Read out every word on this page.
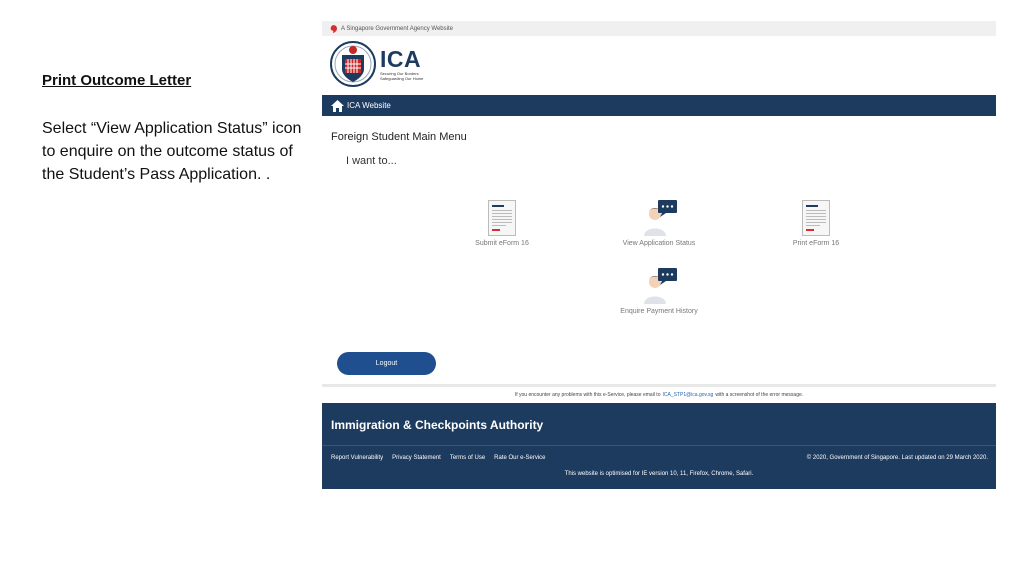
Print Outcome Letter
Select “View Application Status” icon to enquire on the outcome status of the Student’s Pass Application. .
A Singapore Government Agency Website
ICA
Securing Our Borders Safeguarding Our Home
ICA Website
Foreign Student Main Menu
I want to...
Submit eForm 16	View Application Status	Print eForm 16
Enquire Payment History
Logout
If you encounter any problems with this e-Service, please email to ICA_STP1@ica.gov.sg with a screenshot of the error message.
Immigration & Checkpoints Authority
Report Vulnerability Privacy Statement Terms of Use Rate Our e-Service	© 2020, Government of Singapore. Last updated on 29 March 2020.
This website is optimised for IE version 10, 11, Firefox, Chrome, Safari.
